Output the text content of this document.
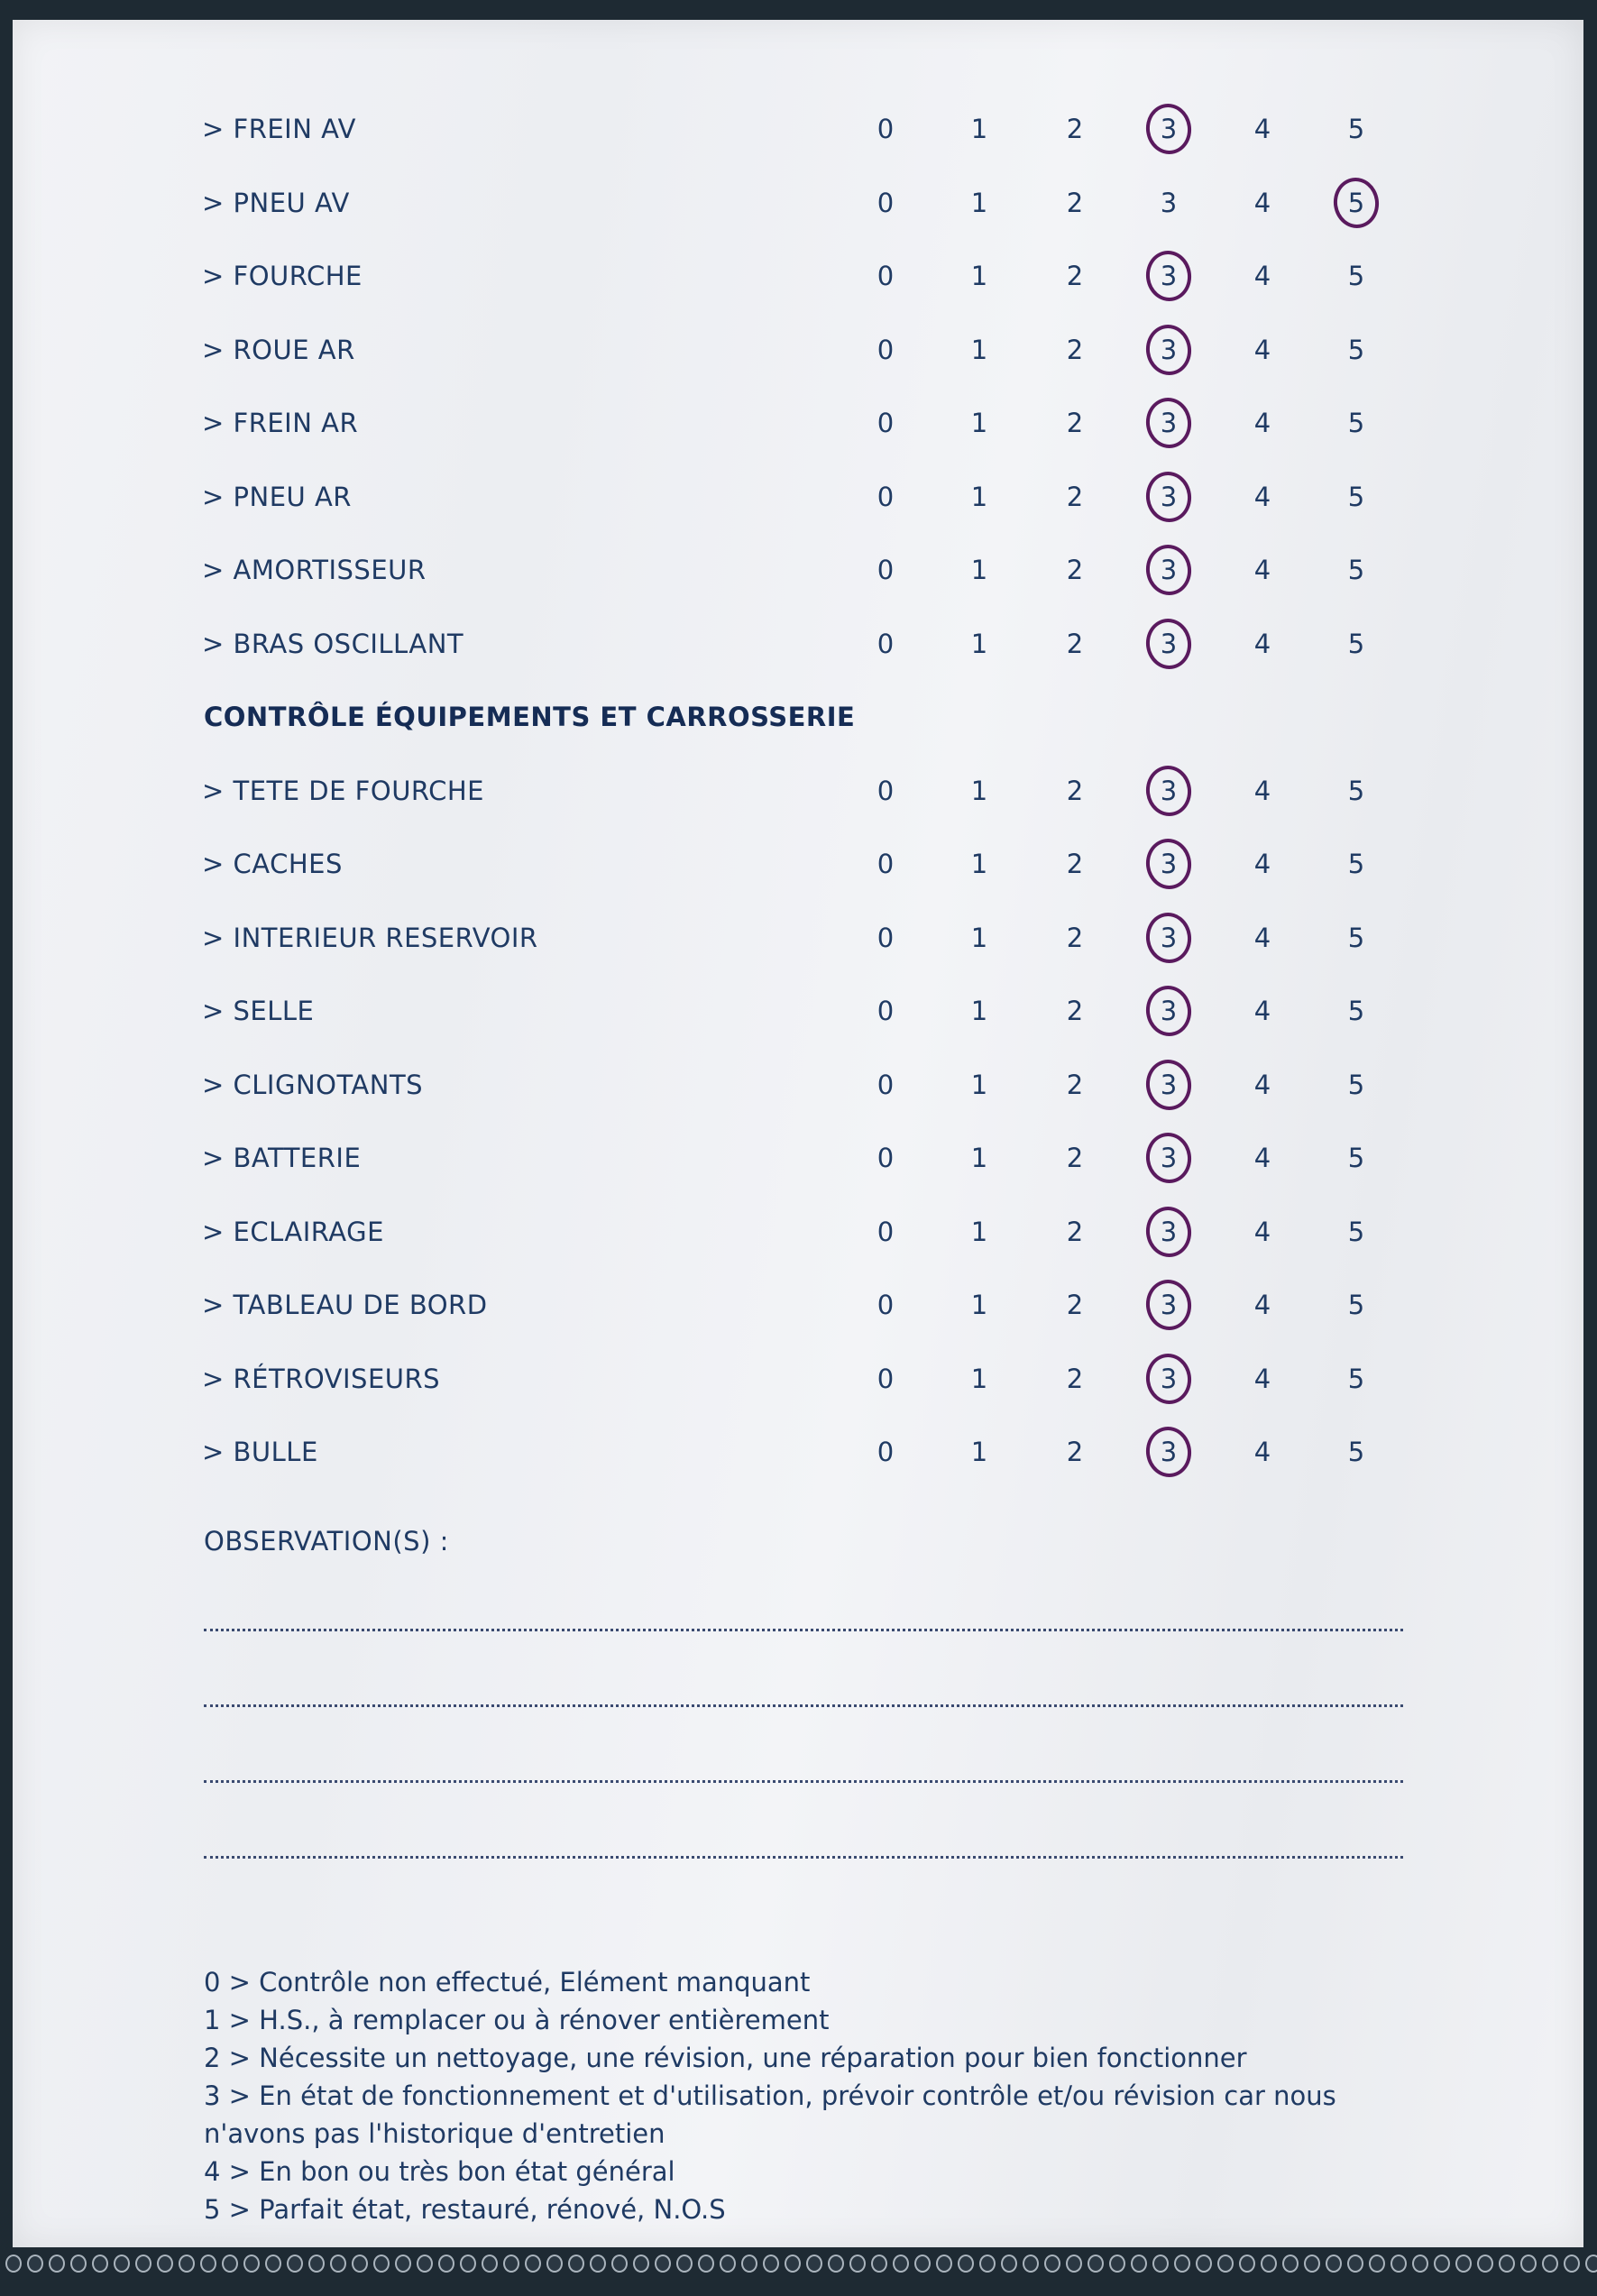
> FREIN AV	0	1	2	3	4	5
> PNEU AV	0	1	2	3	4	5
> FOURCHE	0	1	2	3	4	5
> ROUE AR	0	1	2	3	4	5
> FREIN AR	0	1	2	3	4	5
> PNEU AR	0	1	2	3	4	5
> AMORTISSEUR	0	1	2	3	4	5
> BRAS OSCILLANT	0	1	2	3	4	5
CONTRÔLE ÉQUIPEMENTS ET CARROSSERIE
> TETE DE FOURCHE	0	1	2	3	4	5
> CACHES	0	1	2	3	4	5
> INTERIEUR RESERVOIR	0	1	2	3	4	5
> SELLE	0	1	2	3	4	5
> CLIGNOTANTS	0	1	2	3	4	5
> BATTERIE	0	1	2	3	4	5
> ECLAIRAGE	0	1	2	3	4	5
> TABLEAU DE BORD	0	1	2	3	4	5
> RÉTROVISEURS	0	1	2	3	4	5
> BULLE	0	1	2	3	4	5
OBSERVATION(S) :
0 > Contrôle non effectué, Elément manquant
1 > H.S., à remplacer ou à rénover entièrement
2 > Nécessite un nettoyage, une révision, une réparation pour bien fonctionner
3 > En état de fonctionnement et d'utilisation, prévoir contrôle et/ou révision car nous n'avons pas l'historique d'entretien
4 > En bon ou très bon état général
5 > Parfait état, restauré, rénové, N.O.S
